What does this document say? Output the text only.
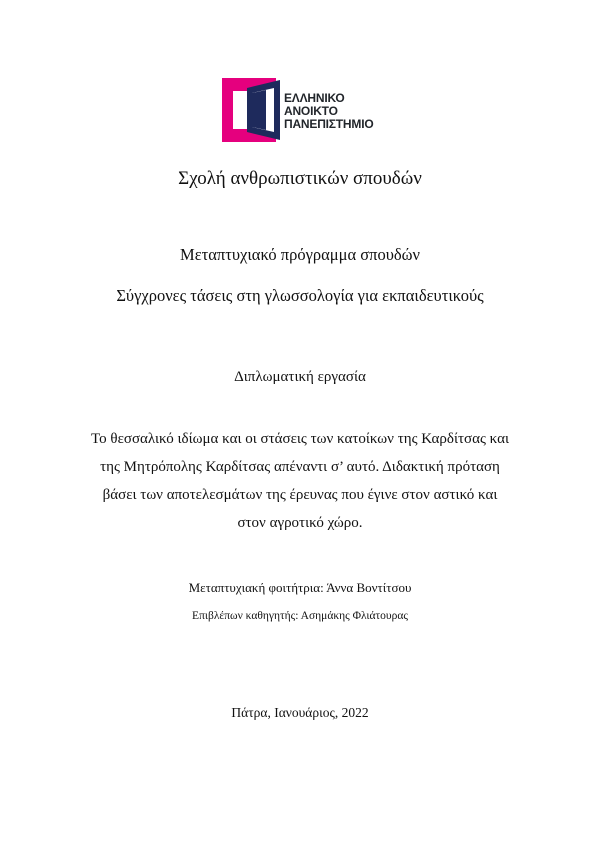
ΕΛΛΗΝΙΚΟ
ΑΝΟΙΚΤΟ
ΠΑΝΕΠΙΣΤΗΜΙΟ
Σχολή ανθρωπιστικών σπουδών
Μεταπτυχιακό πρόγραμμα σπουδών
Σύγχρονες τάσεις στη γλωσσολογία για εκπαιδευτικούς
Διπλωματική εργασία
Το θεσσαλικό ιδίωμα και οι στάσεις των κατοίκων της Καρδίτσας και
της Μητρόπολης Καρδίτσας απέναντι σ’ αυτό. Διδακτική πρόταση
βάσει των αποτελεσμάτων της έρευνας που έγινε στον αστικό και
στον αγροτικό χώρο.
Μεταπτυχιακή φοιτήτρια: Άννα Βοντίτσου
Επιβλέπων καθηγητής: Ασημάκης Φλιάτουρας
Πάτρα, Ιανουάριος, 2022
